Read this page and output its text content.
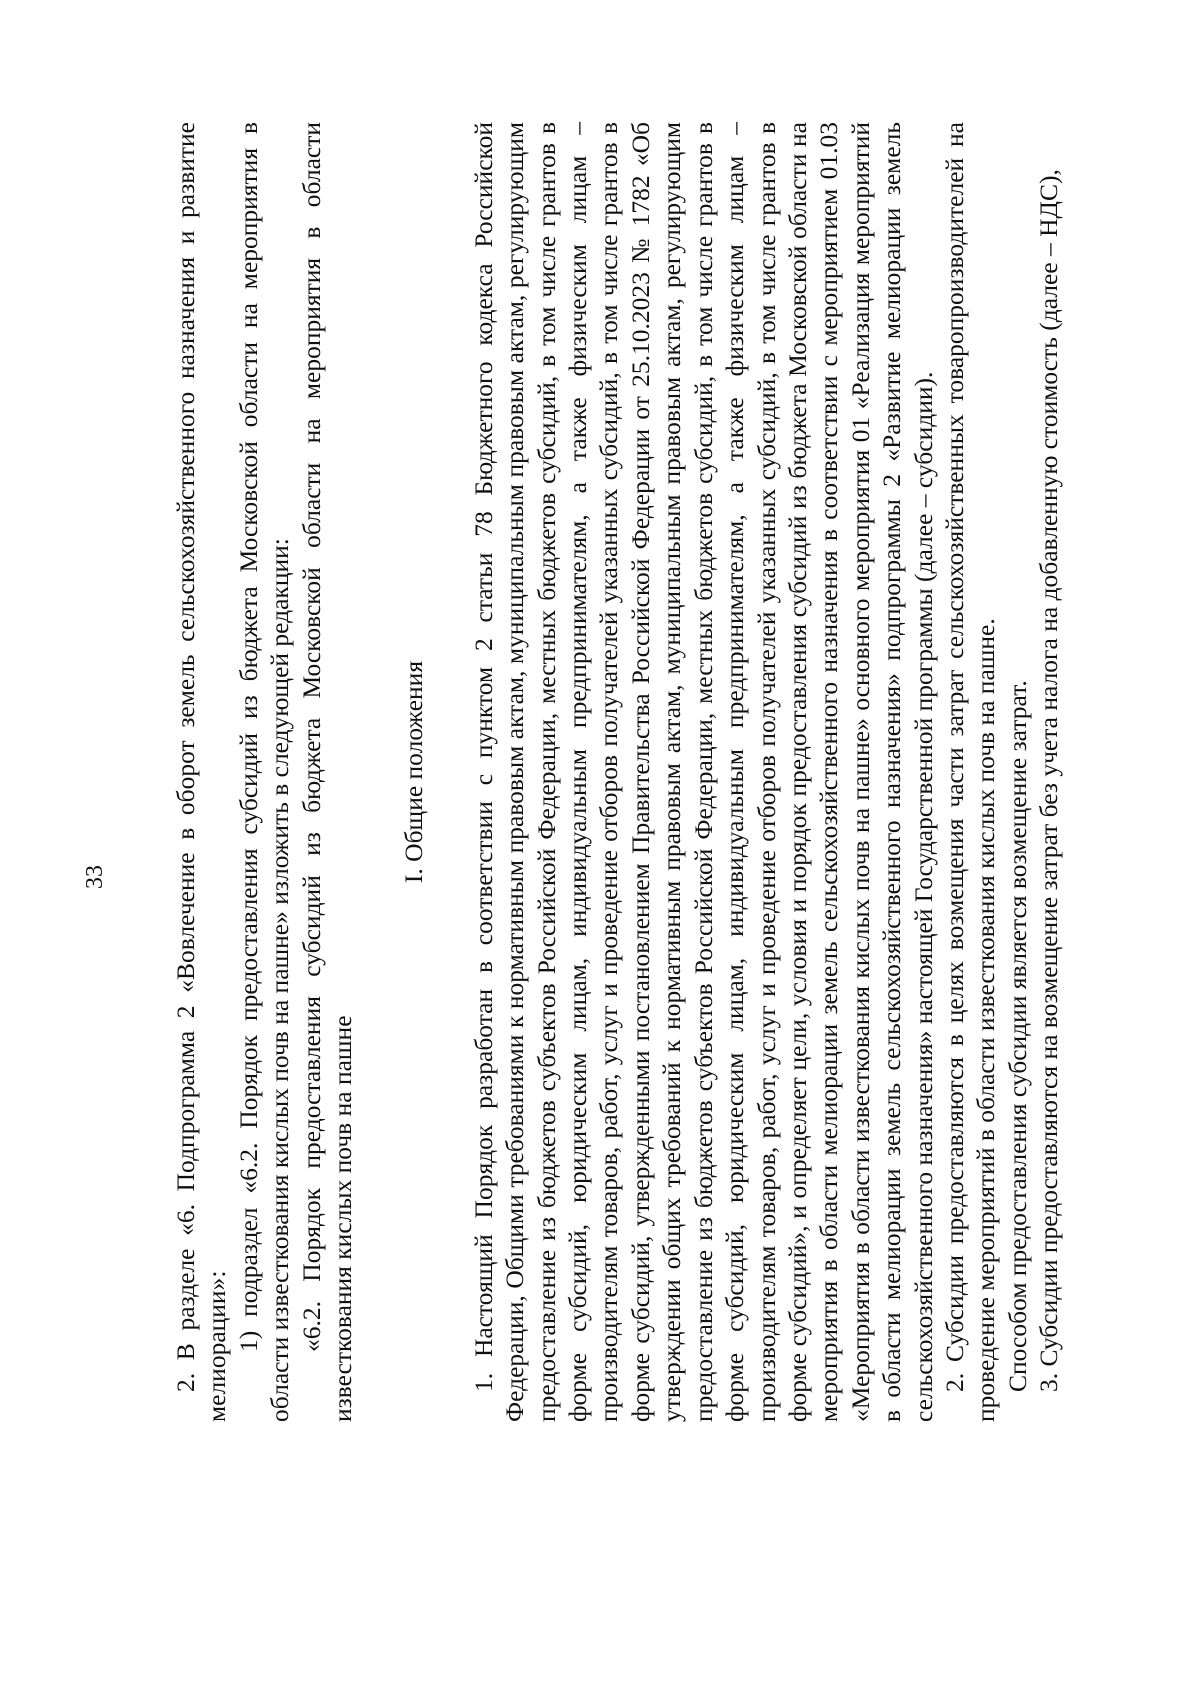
33 2. В разделе «6. Подпрограмма 2 «Вовлечение в оборот земель сельскохозяйственного назначения и развитие мелиорации»: 1) подраздел «6.2. Порядок предоставления субсидий из бюджета Московской области на мероприятия в области известкования кислых почв на пашне» изложить в следующей редакции: «6.2. Порядок предоставления субсидий из бюджета Московской области на мероприятия в области известкования кислых почв на пашне

I. Общие положения 1. Настоящий Порядок разработан в соответствии с пунктом 2 статьи 78 Бюджетного кодекса Российской Федерации, Общими требованиями к нормативным правовым актам, муниципальным правовым актам, регулирующим предоставление из бюджетов субъектов Российской Федерации, местных бюджетов субсидий, в том числе грантов в форме субсидий, юридическим лицам, индивидуальным предпринимателям, а также физическим лицам – производителям товаров, работ, услуг и проведение отборов получателей указанных субсидий, в том числе грантов в форме субсидий, утвержденными постановлением Правительства Российской Федерации от 25.10.2023 № 1782 «Об утверждении общих требований к нормативным правовым актам, муниципальным правовым актам, регулирующим предоставление из бюджетов субъектов Российской Федерации, местных бюджетов субсидий, в том числе грантов в форме субсидий, юридическим лицам, индивидуальным предпринимателям, а также физическим лицам – производителям товаров, работ, услуг и проведение отборов получателей указанных субсидий, в том числе грантов в форме субсидий», и определяет цели, условия и порядок предоставления субсидий из бюджета Московской области на мероприятия в области мелиорации земель сельскохозяйственного назначения в соответствии с мероприятием 01.03 «Мероприятия в области известкования кислых почв на пашне» основного мероприятия 01 «Реализация мероприятий в области мелиорации земель сельскохозяйственного назначения» подпрограммы 2 «Развитие мелиорации земель сельскохозяйственного назначения» настоящей Государственной программы (далее – субсидии). 2. Субсидии предоставляются в целях возмещения части затрат сельскохозяйственных товаропроизводителей на проведение мероприятий в области известкования кислых почв на пашне. Способом предоставления субсидии является возмещение затрат. 3. Субсидии предоставляются на возмещение затрат без учета налога на добавленную стоимость (далее – НДС),
